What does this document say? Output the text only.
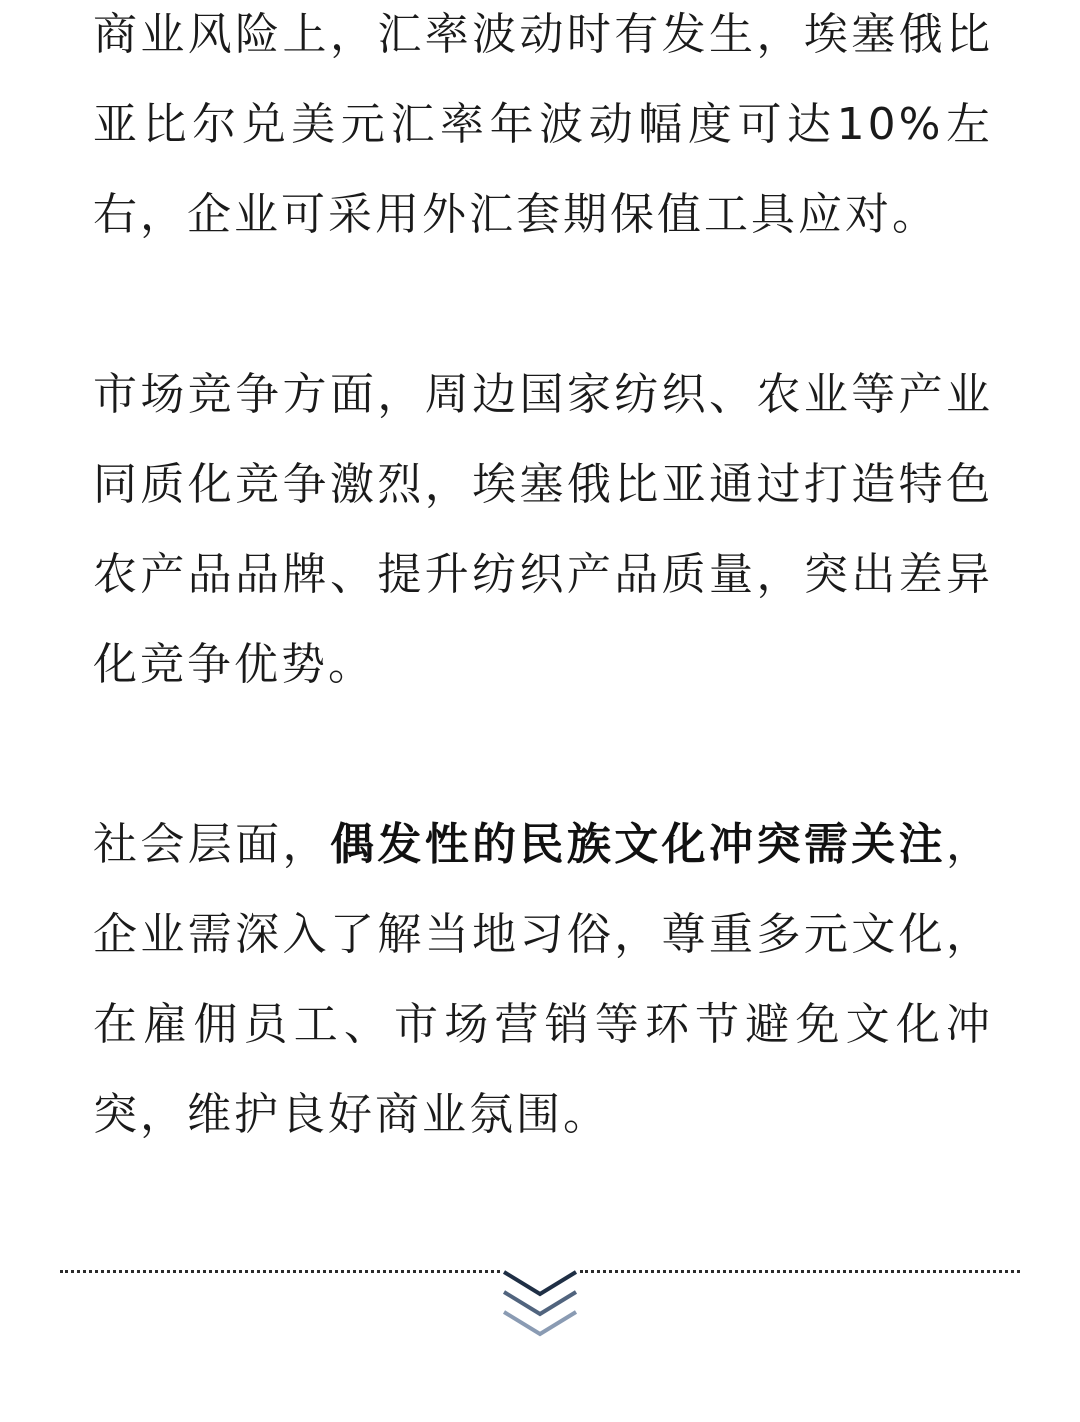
商业风险上，汇率波动时有发生，埃塞俄比亚比尔兑美元汇率年波动幅度可达10%左右，企业可采用外汇套期保值工具应对。

市场竞争方面，周边国家纺织、农业等产业同质化竞争激烈，埃塞俄比亚通过打造特色农产品品牌、提升纺织产品质量，突出差异化竞争优势。

社会层面，偶发性的民族文化冲突需关注，企业需深入了解当地习俗，尊重多元文化，在雇佣员工、市场营销等环节避免文化冲突，维护良好商业氛围。
